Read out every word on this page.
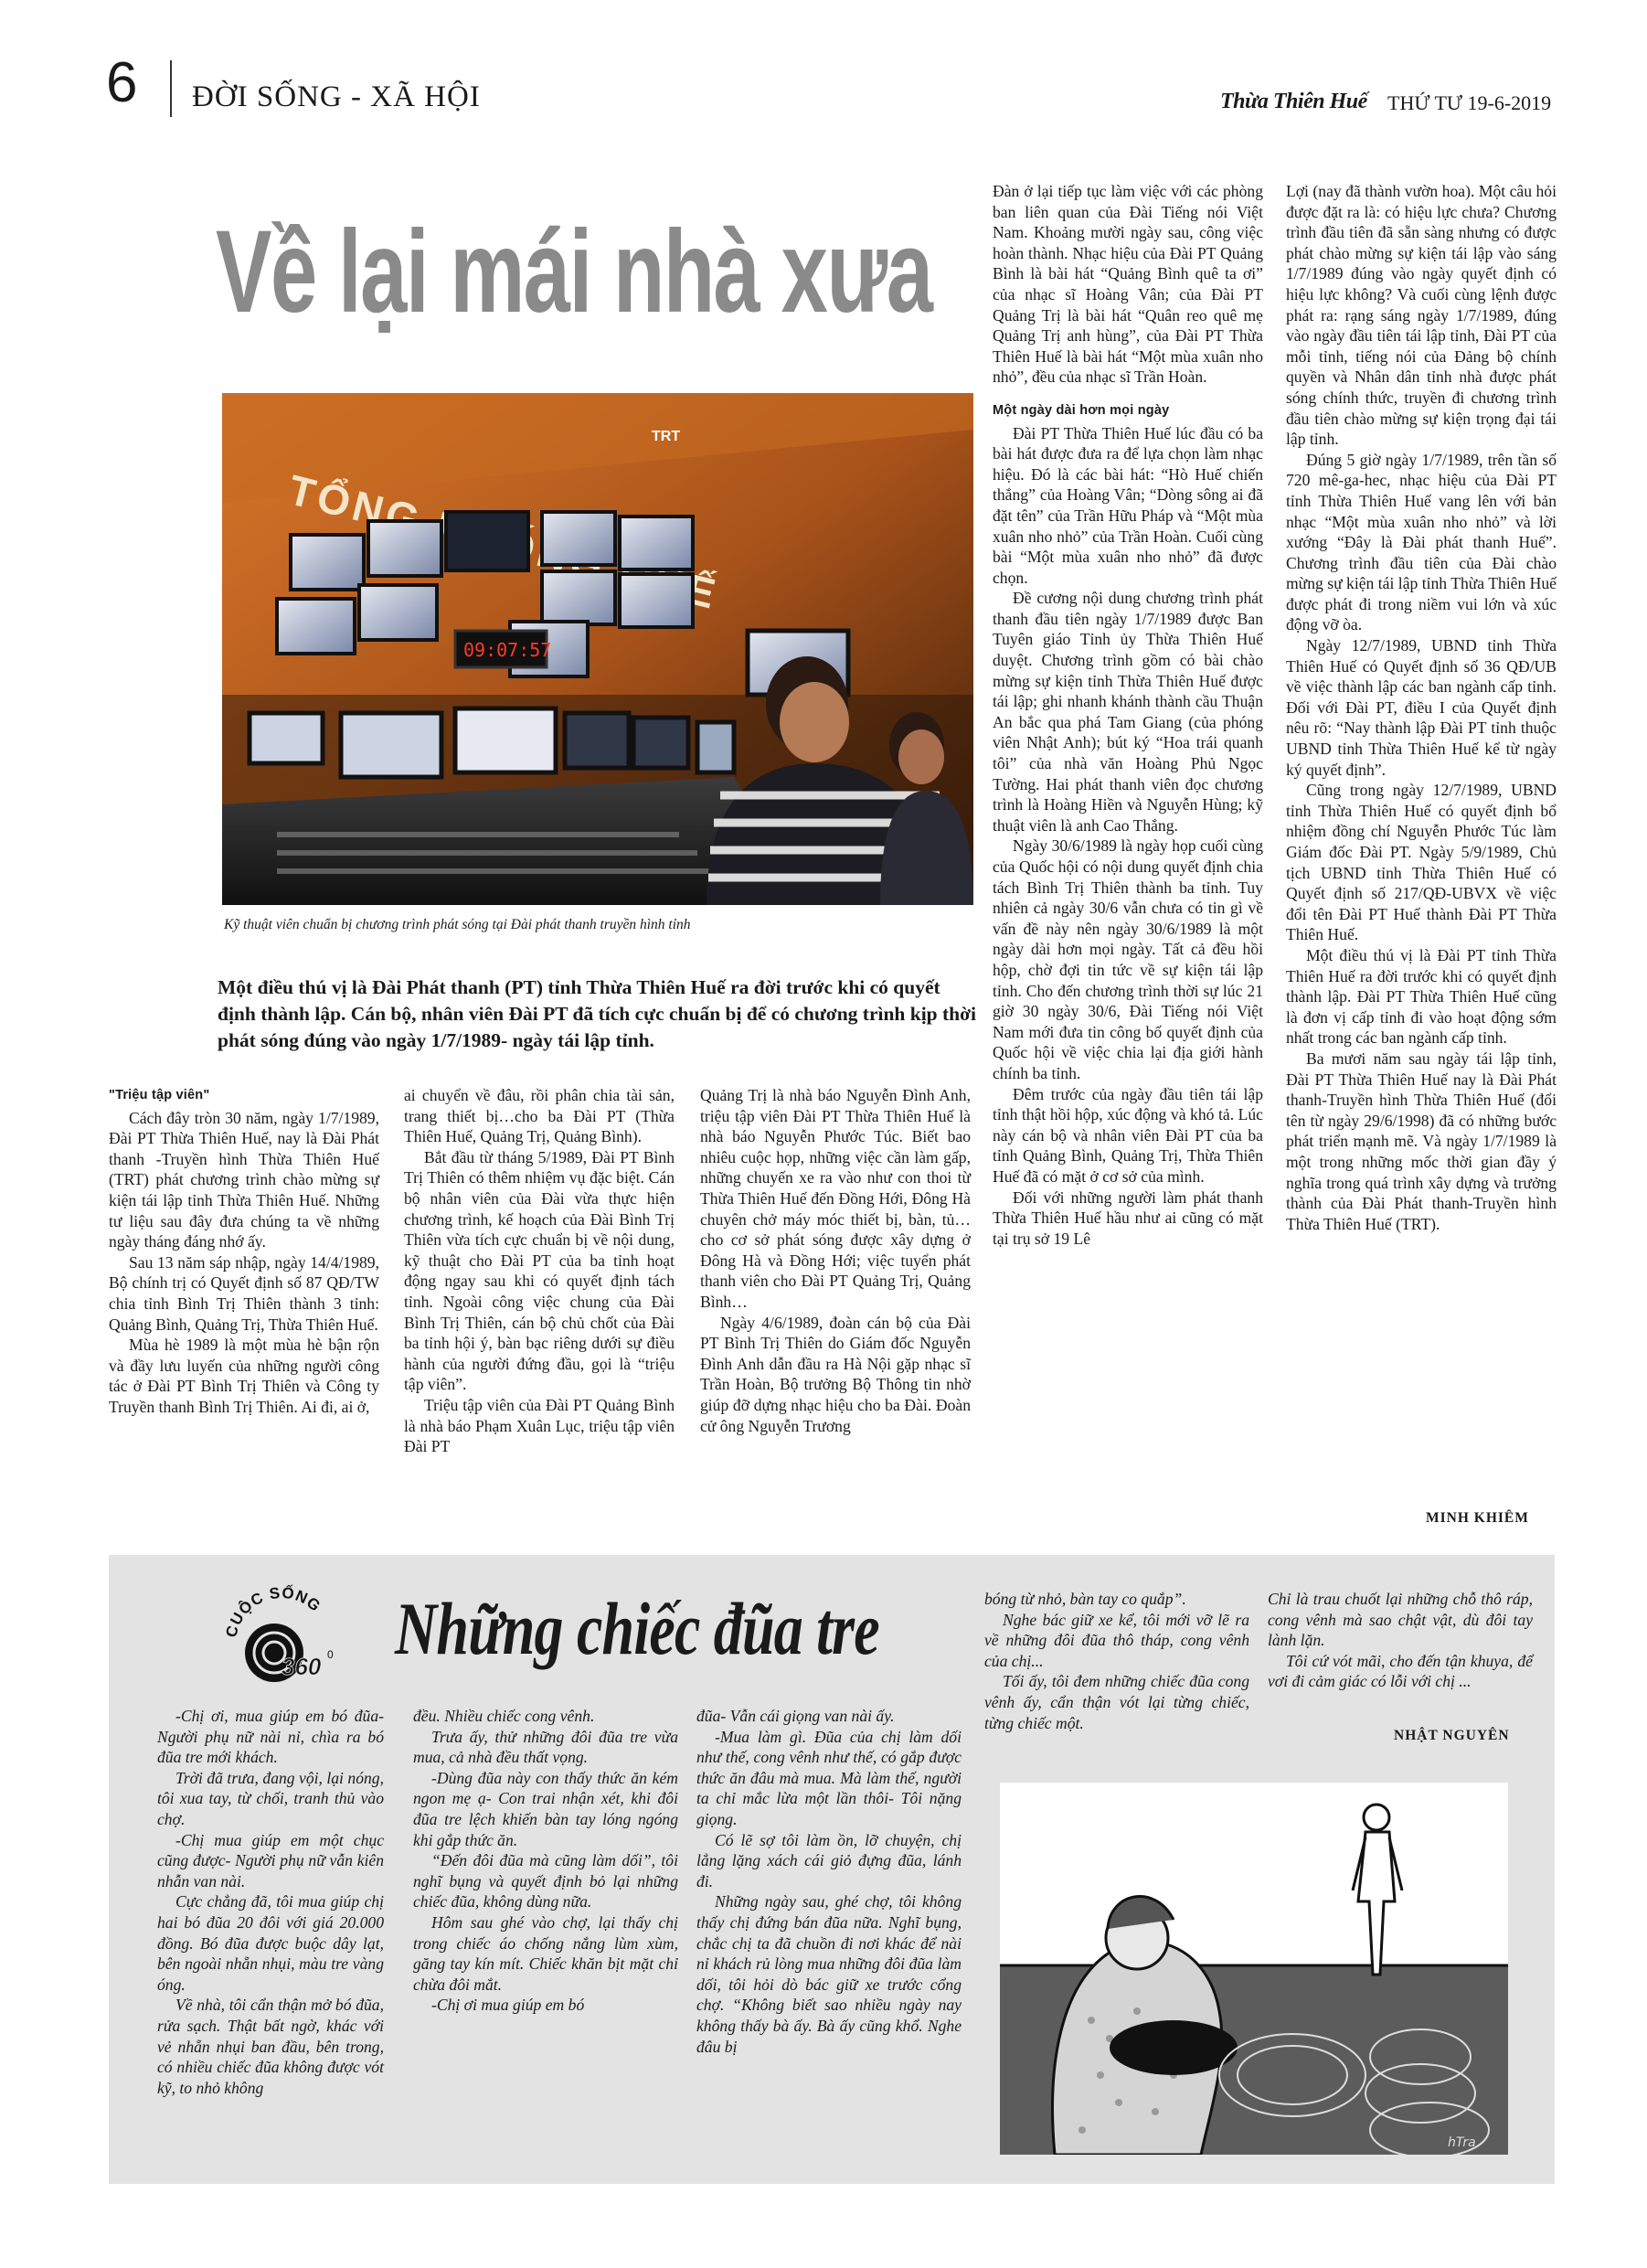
6 ĐỜI SỐNG - XÃ HỘI	Thừa Thiên Huế THỨ TƯ 19-6-2019
Về lại mái nhà xưa
TỔNG
TRT
09:07:57
Kỹ thuật viên chuẩn bị chương trình phát sóng tại Đài phát thanh truyền hình tỉnh
Một điều thú vị là Đài Phát thanh (PT) tỉnh Thừa Thiên Huế ra đời trước khi có quyết định thành lập. Cán bộ, nhân viên Đài PT đã tích cực chuẩn bị để có chương trình kịp thời phát sóng đúng vào ngày 1/7/1989- ngày tái lập tỉnh.

"Triệu tập viên"

Cách đây tròn 30 năm, ngày 1/7/1989, Đài PT Thừa Thiên Huế, nay là Đài Phát thanh -Truyền hình Thừa Thiên Huế (TRT) phát chương trình chào mừng sự kiện tái lập tỉnh Thừa Thiên Huế. Những tư liệu sau đây đưa chúng ta về những ngày tháng đáng nhớ ấy.

Sau 13 năm sáp nhập, ngày 14/4/1989, Bộ chính trị có Quyết định số 87 QĐ/TW chia tỉnh Bình Trị Thiên thành 3 tỉnh: Quảng Bình, Quảng Trị, Thừa Thiên Huế.

Mùa hè 1989 là một mùa hè bận rộn và đầy lưu luyến của những người công tác ở Đài PT Bình Trị Thiên và Công ty Truyền thanh Bình Trị Thiên. Ai đi, ai ở,

ai chuyển về đâu, rồi phân chia tài sản, trang thiết bị…cho ba Đài PT (Thừa Thiên Huế, Quảng Trị, Quảng Bình).

Bắt đầu từ tháng 5/1989, Đài PT Bình Trị Thiên có thêm nhiệm vụ đặc biệt. Cán bộ nhân viên của Đài vừa thực hiện chương trình, kế hoạch của Đài Bình Trị Thiên vừa tích cực chuẩn bị về nội dung, kỹ thuật cho Đài PT của ba tỉnh hoạt động ngay sau khi có quyết định tách tỉnh. Ngoài công việc chung của Đài Bình Trị Thiên, cán bộ chủ chốt của Đài ba tỉnh hội ý, bàn bạc riêng dưới sự điều hành của người đứng đầu, gọi là “triệu tập viên”.

Triệu tập viên của Đài PT Quảng Bình là nhà báo Phạm Xuân Lục, triệu tập viên Đài PT

Quảng Trị là nhà báo Nguyễn Đình Anh, triệu tập viên Đài PT Thừa Thiên Huế là nhà báo Nguyễn Phước Túc. Biết bao nhiêu cuộc họp, những việc cần làm gấp, những chuyến xe ra vào như con thoi từ Thừa Thiên Huế đến Đồng Hới, Đông Hà chuyên chở máy móc thiết bị, bàn, tủ…cho cơ sở phát sóng được xây dựng ở Đông Hà và Đồng Hới; việc tuyển phát thanh viên cho Đài PT Quảng Trị, Quảng Bình…

Ngày 4/6/1989, đoàn cán bộ của Đài PT Bình Trị Thiên do Giám đốc Nguyễn Đình Anh dẫn đầu ra Hà Nội gặp nhạc sĩ Trần Hoàn, Bộ trưởng Bộ Thông tin nhờ giúp đỡ dựng nhạc hiệu cho ba Đài. Đoàn cử ông Nguyễn Trương

Đàn ở lại tiếp tục làm việc với các phòng ban liên quan của Đài Tiếng nói Việt Nam. Khoảng mười ngày sau, công việc hoàn thành. Nhạc hiệu của Đài PT Quảng Bình là bài hát “Quảng Bình quê ta ơi” của nhạc sĩ Hoàng Vân; của Đài PT Quảng Trị là bài hát “Quân reo quê mẹ Quảng Trị anh hùng”, của Đài PT Thừa Thiên Huế là bài hát “Một mùa xuân nho nhỏ”, đều của nhạc sĩ Trần Hoàn.

Một ngày dài hơn mọi ngày

Đài PT Thừa Thiên Huế lúc đầu có ba bài hát được đưa ra để lựa chọn làm nhạc hiệu. Đó là các bài hát: “Hò Huế chiến thắng” của Hoàng Vân; “Dòng sông ai đã đặt tên” của Trần Hữu Pháp và “Một mùa xuân nho nhỏ” của Trần Hoàn. Cuối cùng bài “Một mùa xuân nho nhỏ” đã được chọn.

Đề cương nội dung chương trình phát thanh đầu tiên ngày 1/7/1989 được Ban Tuyên giáo Tỉnh ủy Thừa Thiên Huế duyệt. Chương trình gồm có bài chào mừng sự kiện tỉnh Thừa Thiên Huế được tái lập; ghi nhanh khánh thành cầu Thuận An bắc qua phá Tam Giang (của phóng viên Nhật Anh); bút ký “Hoa trái quanh tôi” của nhà văn Hoàng Phủ Ngọc Tường. Hai phát thanh viên đọc chương trình là Hoàng Hiền và Nguyễn Hùng; kỹ thuật viên là anh Cao Thắng.

Ngày 30/6/1989 là ngày họp cuối cùng của Quốc hội có nội dung quyết định chia tách Bình Trị Thiên thành ba tỉnh. Tuy nhiên cả ngày 30/6 vẫn chưa có tin gì về vấn đề này nên ngày 30/6/1989 là một ngày dài hơn mọi ngày. Tất cả đều hồi hộp, chờ đợi tin tức về sự kiện tái lập tỉnh. Cho đến chương trình thời sự lúc 21 giờ 30 ngày 30/6, Đài Tiếng nói Việt Nam mới đưa tin công bố quyết định của Quốc hội về việc chia lại địa giới hành chính ba tỉnh.

Đêm trước của ngày đầu tiên tái lập tỉnh thật hồi hộp, xúc động và khó tả. Lúc này cán bộ và nhân viên Đài PT của ba tỉnh Quảng Bình, Quảng Trị, Thừa Thiên Huế đã có mặt ở cơ sở của mình.

Đối với những người làm phát thanh Thừa Thiên Huế hầu như ai cũng có mặt tại trụ sở 19 Lê

Lợi (nay đã thành vườn hoa). Một câu hỏi được đặt ra là: có hiệu lực chưa? Chương trình đầu tiên đã sẵn sàng nhưng có được phát chào mừng sự kiện tái lập vào sáng 1/7/1989 đúng vào ngày quyết định có hiệu lực không? Và cuối cùng lệnh được phát ra: rạng sáng ngày 1/7/1989, đúng vào ngày đầu tiên tái lập tỉnh, Đài PT của mỗi tỉnh, tiếng nói của Đảng bộ chính quyền và Nhân dân tỉnh nhà được phát sóng chính thức, truyền đi chương trình đầu tiên chào mừng sự kiện trọng đại tái lập tỉnh.

Đúng 5 giờ ngày 1/7/1989, trên tần số 720 mê-ga-hec, nhạc hiệu của Đài PT tỉnh Thừa Thiên Huế vang lên với bản nhạc “Một mùa xuân nho nhỏ” và lời xướng “Đây là Đài phát thanh Huế”. Chương trình đầu tiên của Đài chào mừng sự kiện tái lập tỉnh Thừa Thiên Huế được phát đi trong niềm vui lớn và xúc động vỡ òa.

Ngày 12/7/1989, UBND tỉnh Thừa Thiên Huế có Quyết định số 36 QĐ/UB về việc thành lập các ban ngành cấp tỉnh. Đối với Đài PT, điều I của Quyết định nêu rõ: “Nay thành lập Đài PT tỉnh thuộc UBND tỉnh Thừa Thiên Huế kể từ ngày ký quyết định”.

Cũng trong ngày 12/7/1989, UBND tỉnh Thừa Thiên Huế có quyết định bổ nhiệm đồng chí Nguyễn Phước Túc làm Giám đốc Đài PT. Ngày 5/9/1989, Chủ tịch UBND tỉnh Thừa Thiên Huế có Quyết định số 217/QĐ-UBVX về việc đổi tên Đài PT Huế thành Đài PT Thừa Thiên Huế.

Một điều thú vị là Đài PT tỉnh Thừa Thiên Huế ra đời trước khi có quyết định thành lập. Đài PT Thừa Thiên Huế cũng là đơn vị cấp tỉnh đi vào hoạt động sớm nhất trong các ban ngành cấp tỉnh.

Ba mươi năm sau ngày tái lập tỉnh, Đài PT Thừa Thiên Huế nay là Đài Phát thanh-Truyền hình Thừa Thiên Huế (đổi tên từ ngày 29/6/1998) đã có những bước phát triển mạnh mẽ. Và ngày 1/7/1989 là một trong những mốc thời gian đầy ý nghĩa trong quá trình xây dựng và trưởng thành của Đài Phát thanh-Truyền hình Thừa Thiên Huế (TRT).

MINH KHIÊM
CUỘC SỐNG
360 0 Những chiếc đũa tre

-Chị ơi, mua giúp em bó đũa- Người phụ nữ nài nỉ, chìa ra bó đũa tre mới khách.

Trời đã trưa, đang vội, lại nóng, tôi xua tay, từ chối, tranh thủ vào chợ.

-Chị mua giúp em một chục cũng được- Người phụ nữ vẫn kiên nhẫn van nài.

Cực chẳng đã, tôi mua giúp chị hai bó đũa 20 đôi với giá 20.000 đồng. Bó đũa được buộc dây lạt, bên ngoài nhẵn nhụi, màu tre vàng óng.

Về nhà, tôi cẩn thận mở bó đũa, rửa sạch. Thật bất ngờ, khác với vẻ nhẵn nhụi ban đầu, bên trong, có nhiều chiếc đũa không được vót kỹ, to nhỏ không

đều. Nhiều chiếc cong vênh.

Trưa ấy, thử những đôi đũa tre vừa mua, cả nhà đều thất vọng.

-Dùng đũa này con thấy thức ăn kém ngon mẹ ạ- Con trai nhận xét, khi đôi đũa tre lệch khiến bàn tay lóng ngóng khi gắp thức ăn.

“Đến đôi đũa mà cũng làm dối”, tôi nghĩ bụng và quyết định bỏ lại những chiếc đũa, không dùng nữa.

Hôm sau ghé vào chợ, lại thấy chị trong chiếc áo chống nắng lùm xùm, găng tay kín mít. Chiếc khăn bịt mặt chỉ chừa đôi mắt.

-Chị ơi mua giúp em bó

đũa- Vẫn cái giọng van nài ấy.

-Mua làm gì. Đũa của chị làm dối như thế, cong vênh như thế, có gắp được thức ăn đâu mà mua. Mà làm thế, người ta chỉ mắc lừa một lần thôi- Tôi nặng giọng.

Có lẽ sợ tôi làm ồn, lỡ chuyện, chị lẳng lặng xách cái giỏ đựng đũa, lánh đi.

Những ngày sau, ghé chợ, tôi không thấy chị đứng bán đũa nữa. Nghĩ bụng, chắc chị ta đã chuồn đi nơi khác để nài nỉ khách rủ lòng mua những đôi đũa làm dối, tôi hỏi dò bác giữ xe trước cổng chợ. “Không biết sao nhiều ngày nay không thấy bà ấy. Bà ấy cũng khổ. Nghe đâu bị

bóng từ nhỏ, bàn tay co quắp”.

Nghe bác giữ xe kể, tôi mới vỡ lẽ ra về những đôi đũa thô tháp, cong vênh của chị...

Tối ấy, tôi đem những chiếc đũa cong vênh ấy, cẩn thận vót lại từng chiếc, từng chiếc một.

Chỉ là trau chuốt lại những chỗ thô ráp, cong vênh mà sao chật vật, dù đôi tay lành lặn.

Tôi cứ vót mãi, cho đến tận khuya, để vơi đi cảm giác có lỗi với chị ...

NHẬT NGUYÊN
hTra
